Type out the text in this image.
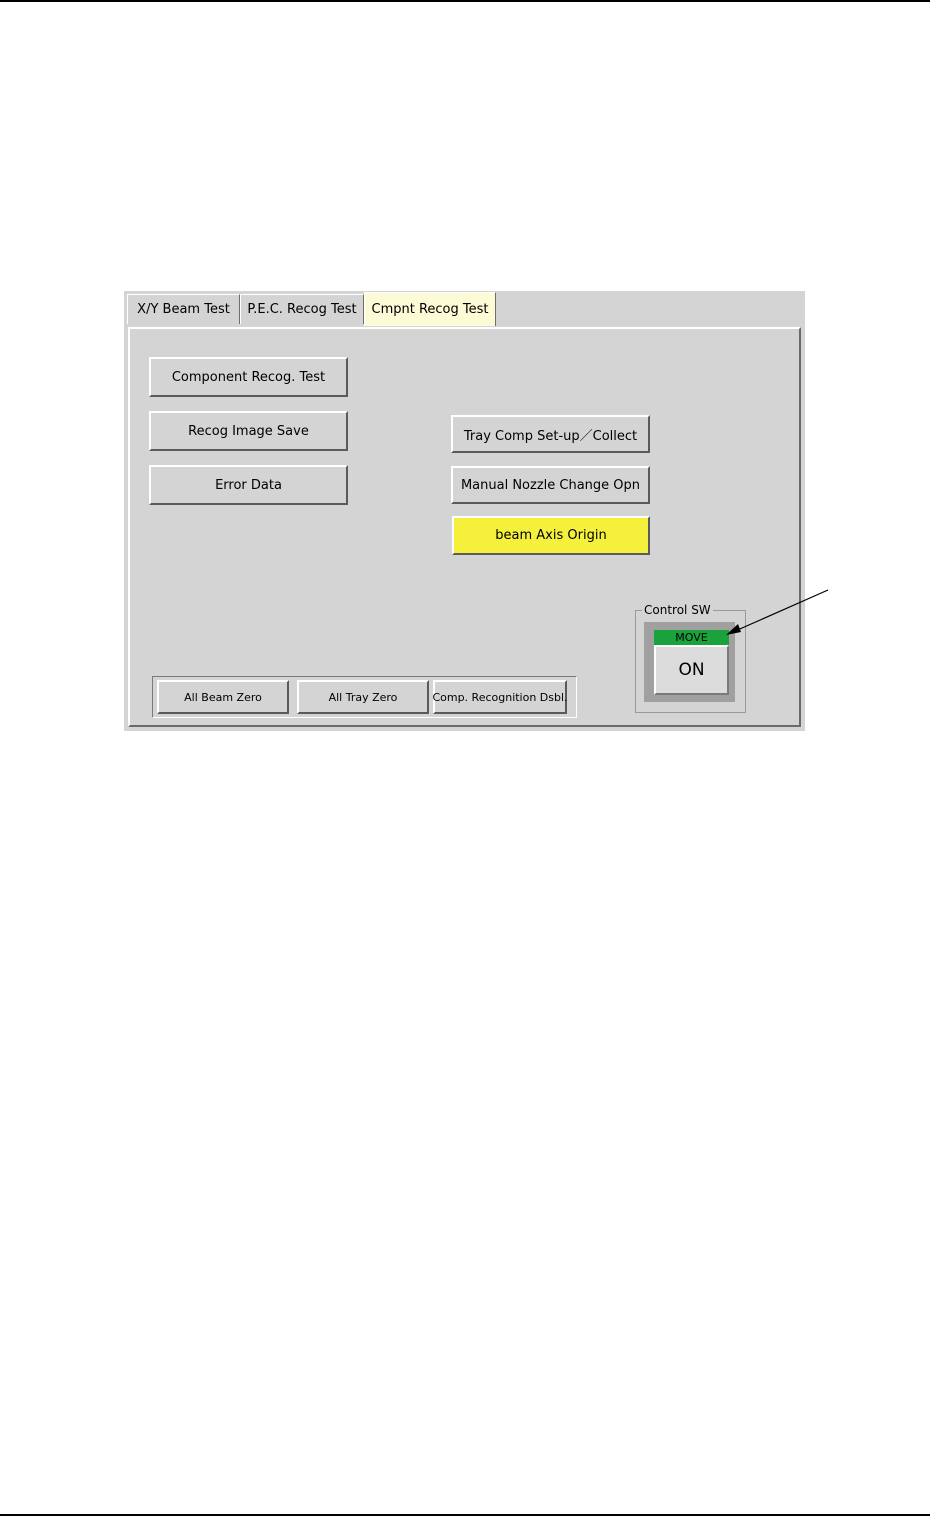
X/Y Beam Test	P.E.C. Recog Test	Cmpnt Recog Test
Component Recog. Test
Recog Image Save
Error Data
Tray Comp Set-up／Collect
Manual Nozzle Change Opn
beam Axis Origin
All Beam Zero	All Tray Zero	Comp. Recognition Dsbl.
Control SW
MOVE
ON
